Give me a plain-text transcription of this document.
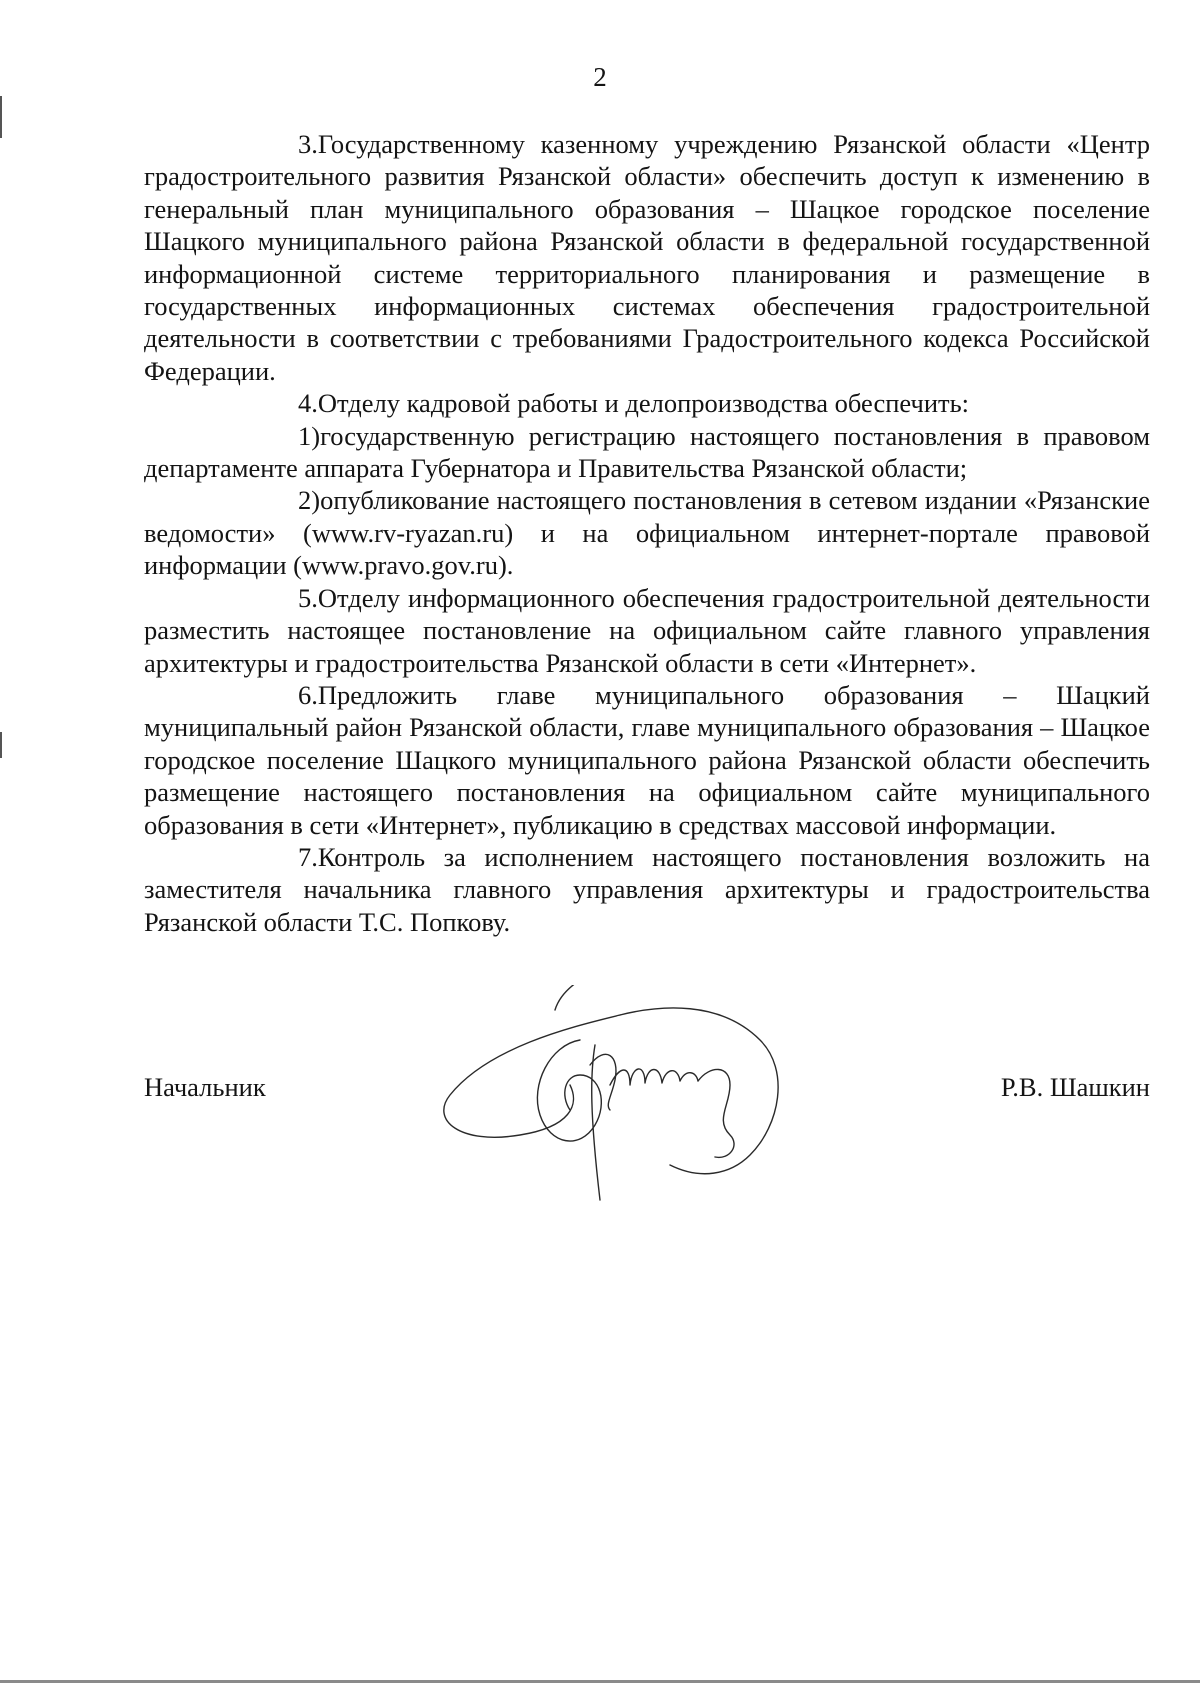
2

3.Государственному казенному учреждению Рязанской области «Центр градостроительного развития Рязанской области» обеспечить доступ к изменению в генеральный план муниципального образования – Шацкое городское поселение Шацкого муниципального района Рязанской области в федеральной государственной информационной системе территориального планирования и размещение в государственных информационных системах обеспечения градостроительной деятельности в соответствии с требованиями Градостроительного кодекса Российской Федерации.

4.Отделу кадровой работы и делопроизводства обеспечить:

1)государственную регистрацию настоящего постановления в правовом департаменте аппарата Губернатора и Правительства Рязанской области;

2)опубликование настоящего постановления в сетевом издании «Рязанские ведомости» (www.rv-ryazan.ru) и на официальном интернет-портале правовой информации (www.pravo.gov.ru).

5.Отделу информационного обеспечения градостроительной деятельности разместить настоящее постановление на официальном сайте главного управления архитектуры и градостроительства Рязанской области в сети «Интернет».

6.Предложить главе муниципального образования – Шацкий муниципальный район Рязанской области, главе муниципального образования – Шацкое городское поселение Шацкого муниципального района Рязанской области обеспечить размещение настоящего постановления на официальном сайте муниципального образования в сети «Интернет», публикацию в средствах массовой информации.

7.Контроль за исполнением настоящего постановления возложить на заместителя начальника главного управления архитектуры и градостроительства Рязанской области Т.С. Попкову.

Начальник	Р.В. Шашкин
